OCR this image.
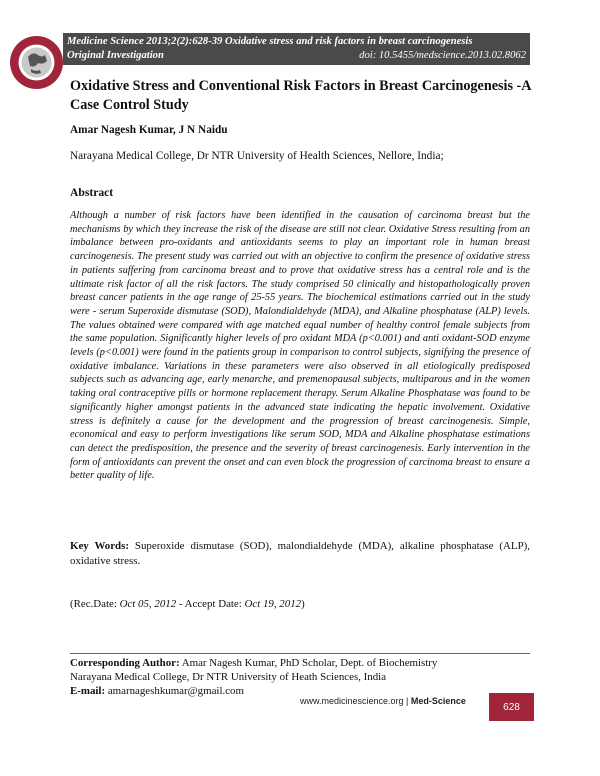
Medicine Science 2013;2(2):628-39 Oxidative stress and risk factors in breast carcinogenesis
Original Investigation	doi: 10.5455/medscience.2013.02.8062
Oxidative Stress and Conventional Risk Factors in Breast Carcinogenesis -A Case Control Study
Amar Nagesh Kumar, J N Naidu
Narayana Medical College, Dr NTR University of Health Sciences, Nellore, India;
Abstract

Although a number of risk factors have been identified in the causation of carcinoma breast but the mechanisms by which they increase the risk of the disease are still not clear. Oxidative Stress resulting from an imbalance between pro-oxidants and antioxidants seems to play an important role in human breast carcinogenesis. The present study was carried out with an objective to confirm the presence of oxidative stress in patients suffering from carcinoma breast and to prove that oxidative stress has a central role and is the ultimate risk factor of all the risk factors. The study comprised 50 clinically and histopathologically proven breast cancer patients in the age range of 25-55 years. The biochemical estimations carried out in the study were - serum Superoxide dismutase (SOD), Malondialdehyde (MDA), and Alkaline phosphatase (ALP) levels. The values obtained were compared with age matched equal number of healthy control female subjects from the same population. Significantly higher levels of pro oxidant MDA (p<0.001) and anti oxidant-SOD enzyme levels (p<0.001) were found in the patients group in comparison to control subjects, signifying the presence of oxidative imbalance. Variations in these parameters were also observed in all etiologically predisposed subjects such as advancing age, early menarche, and premenopausal subjects, multiparous and in the women taking oral contraceptive pills or hormone replacement therapy. Serum Alkaline Phosphatase was found to be significantly higher amongst patients in the advanced state indicating the hepatic involvement. Oxidative stress is definitely a cause for the development and the progression of breast carcinogenesis. Simple, economical and easy to perform investigations like serum SOD, MDA and Alkaline phosphatase estimations can detect the predisposition, the presence and the severity of breast carcinogenesis. Early intervention in the form of antioxidants can prevent the onset and can even block the progression of carcinoma breast to ensure a better quality of life.

Key Words: Superoxide dismutase (SOD), malondialdehyde (MDA), alkaline phosphatase (ALP), oxidative stress.

(Rec.Date: Oct 05, 2012 - Accept Date: Oct 19, 2012)
Corresponding Author: Amar Nagesh Kumar, PhD Scholar, Dept. of Biochemistry
Narayana Medical College, Dr NTR University of Heath Sciences, India
E-mail: amarnageshkumar@gmail.com
www.medicinescience.org | Med-Science
628
